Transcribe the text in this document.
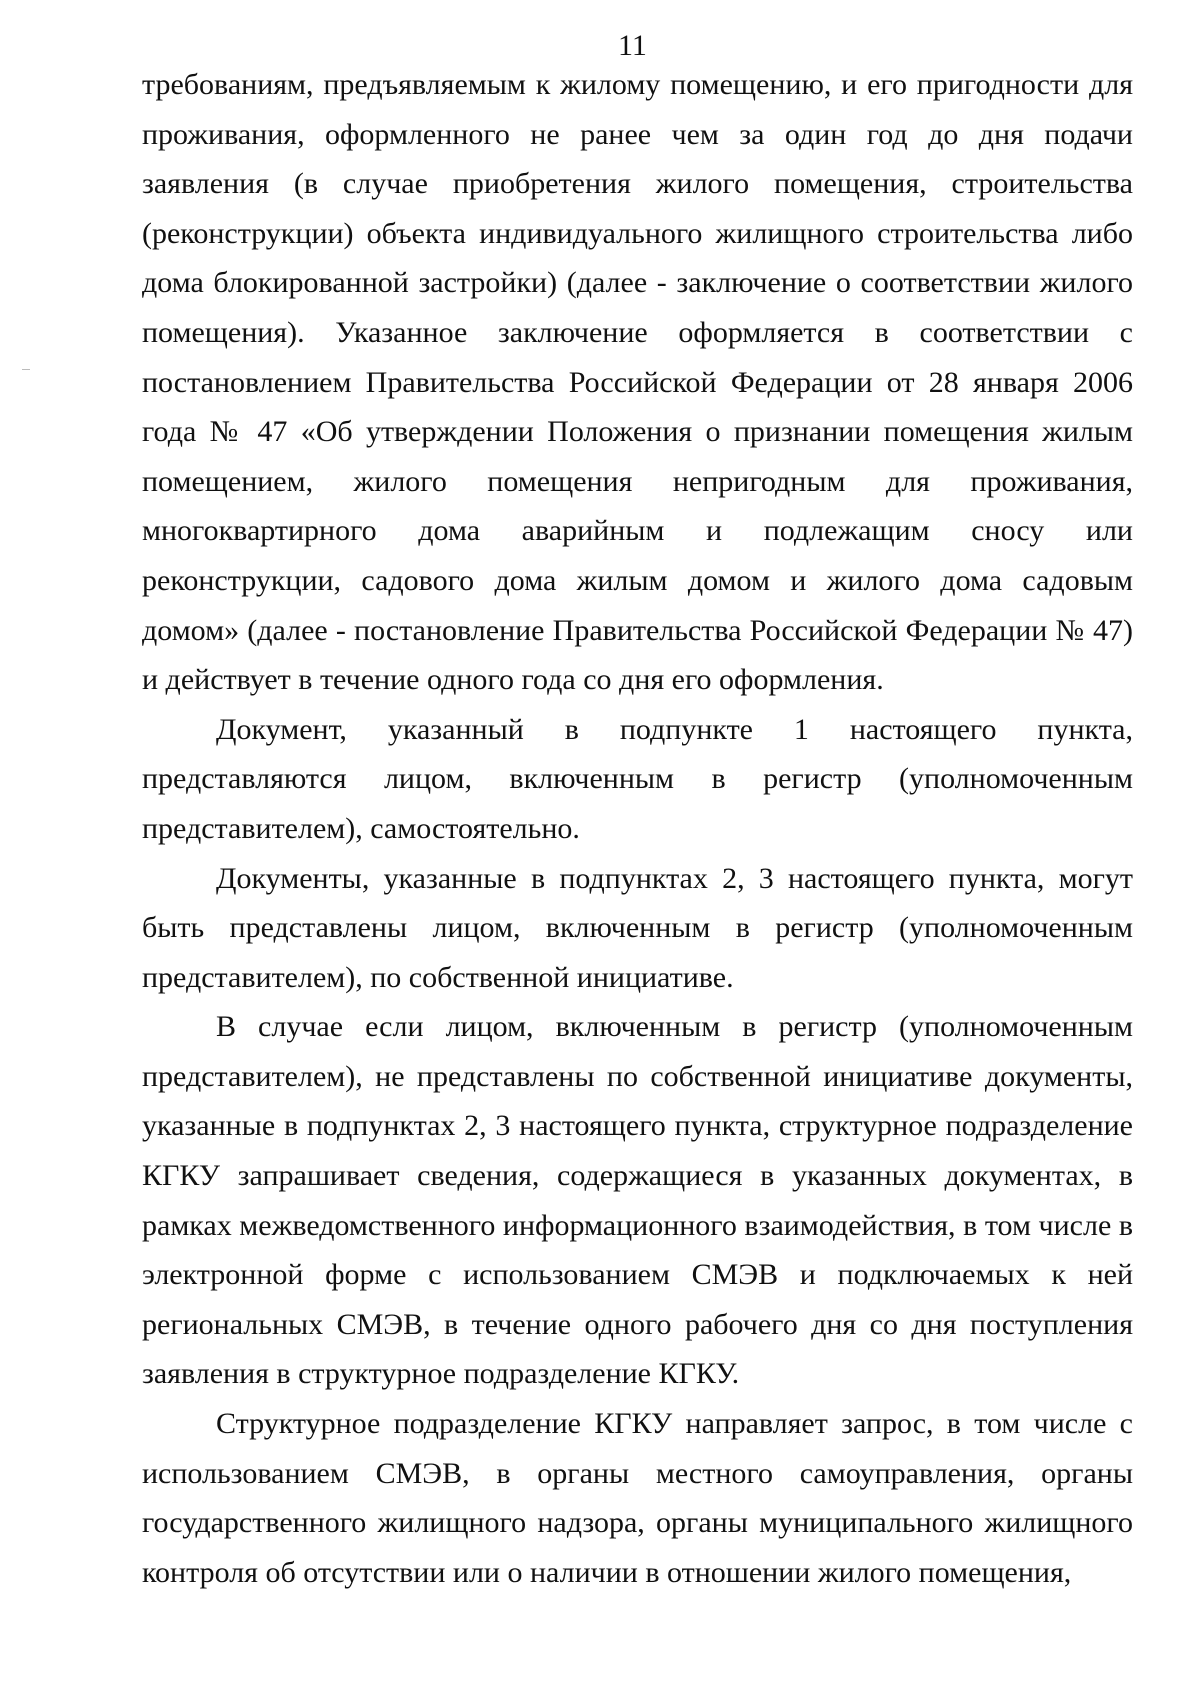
11

требованиям, предъявляемым к жилому помещению, и его пригодности для проживания, оформленного не ранее чем за один год до дня подачи заявления (в случае приобретения жилого помещения, строительства (реконструкции) объекта индивидуального жилищного строительства либо дома блокированной застройки) (далее - заключение о соответствии жилого помещения). Указанное заключение оформляется в соответствии с постановлением Правительства Российской Федерации от 28 января 2006 года № 47 «Об утверждении Положения о признании помещения жилым помещением, жилого помещения непригодным для проживания, многоквартирного дома аварийным и подлежащим сносу или реконструкции, садового дома жилым домом и жилого дома садовым домом» (далее - постановление Правительства Российской Федерации № 47) и действует в течение одного года со дня его оформления.

Документ, указанный в подпункте 1 настоящего пункта, представляются лицом, включенным в регистр (уполномоченным представителем), самостоятельно.

Документы, указанные в подпунктах 2, 3 настоящего пункта, могут быть представлены лицом, включенным в регистр (уполномоченным представителем), по собственной инициативе.

В случае если лицом, включенным в регистр (уполномоченным представителем), не представлены по собственной инициативе документы, указанные в подпунктах 2, 3 настоящего пункта, структурное подразделение КГКУ запрашивает сведения, содержащиеся в указанных документах, в рамках межведомственного информационного взаимодействия, в том числе в электронной форме с использованием СМЭВ и подключаемых к ней региональных СМЭВ, в течение одного рабочего дня со дня поступления заявления в структурное подразделение КГКУ.

Структурное подразделение КГКУ направляет запрос, в том числе с использованием СМЭВ, в органы местного самоуправления, органы государственного жилищного надзора, органы муниципального жилищного контроля об отсутствии или о наличии в отношении жилого помещения,
